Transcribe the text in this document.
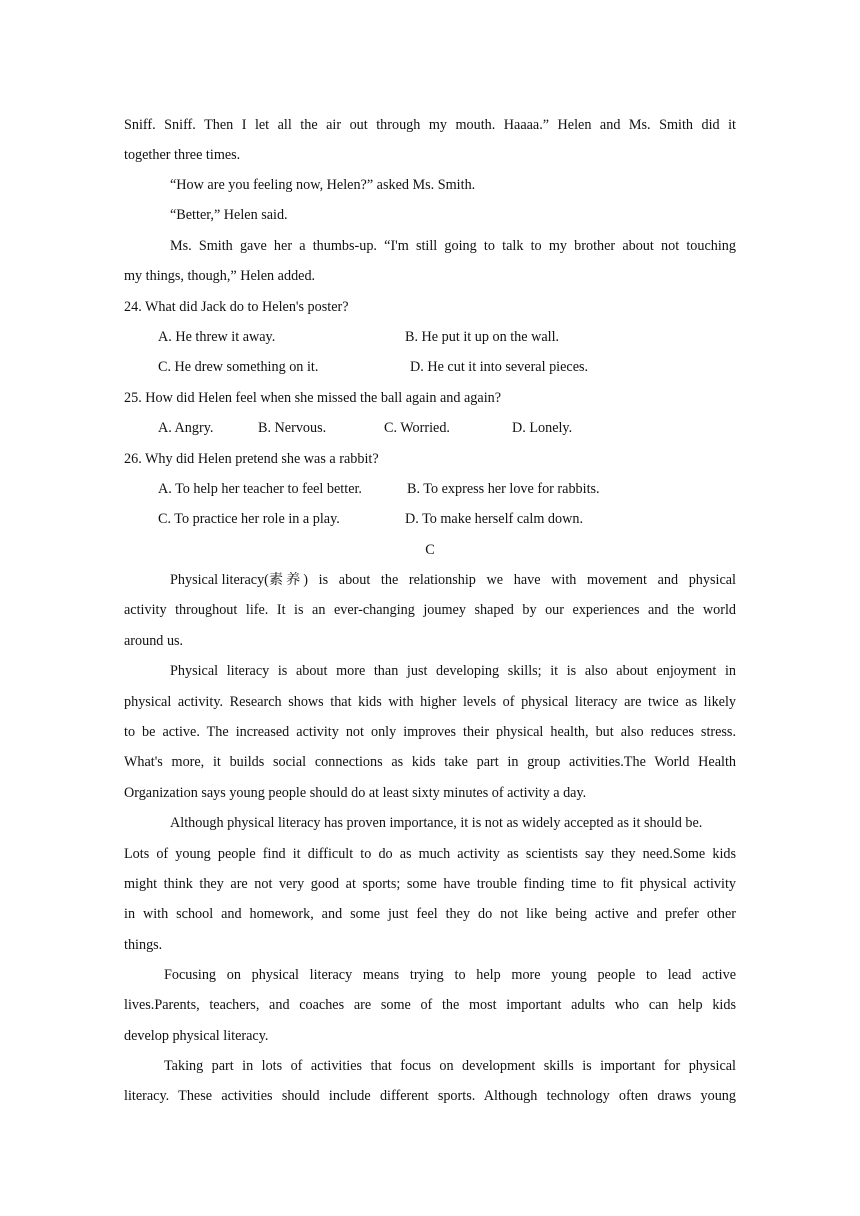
Sniff. Sniff. Then I let all the air out through my mouth. Haaaa.” Helen and Ms. Smith did it
together three times.
“How are you feeling now, Helen?” asked Ms. Smith.
“Better,” Helen said.
Ms. Smith gave her a thumbs-up. “I'm still going to talk to my brother about not touching
my things, though,” Helen added.
24. What did Jack do to Helen's poster?
A. He threw it away.	B. He put it up on the wall.
C. He drew something on it.	D. He cut it into several pieces.
25. How did Helen feel when she missed the ball again and again?
A. Angry.	B. Nervous.	C. Worried.	D. Lonely.
26. Why did Helen pretend she was a rabbit?
A. To help her teacher to feel better.	B. To express her love for rabbits.
C. To practice her role in a play.	D. To make herself calm down.
C
Physical literacy(素养 ) is about the relationship we have with movement and physical
activity throughout life. It is an ever-changing joumey shaped by our experiences and the world
around us.
Physical literacy is about more than just developing skills; it is also about enjoyment in
physical activity. Research shows that kids with higher levels of physical literacy are twice as likely
to be active. The increased activity not only improves their physical health, but also reduces stress.
What's more, it builds social connections as kids take part in group activities.The World Health
Organization says young people should do at least sixty minutes of activity a day.
Although physical literacy has proven importance, it is not as widely accepted as it should be.
Lots of young people find it difficult to do as much activity as scientists say they need.Some kids
might think they are not very good at sports; some have trouble finding time to fit physical activity
in with school and homework, and some just feel they do not like being active and prefer other
things.
Focusing on physical literacy means trying to help more young people to lead active
lives.Parents, teachers, and coaches are some of the most important adults who can help kids
develop physical literacy.
Taking part in lots of activities that focus on development skills is important for physical
literacy. These activities should include different sports. Although technology often draws young
